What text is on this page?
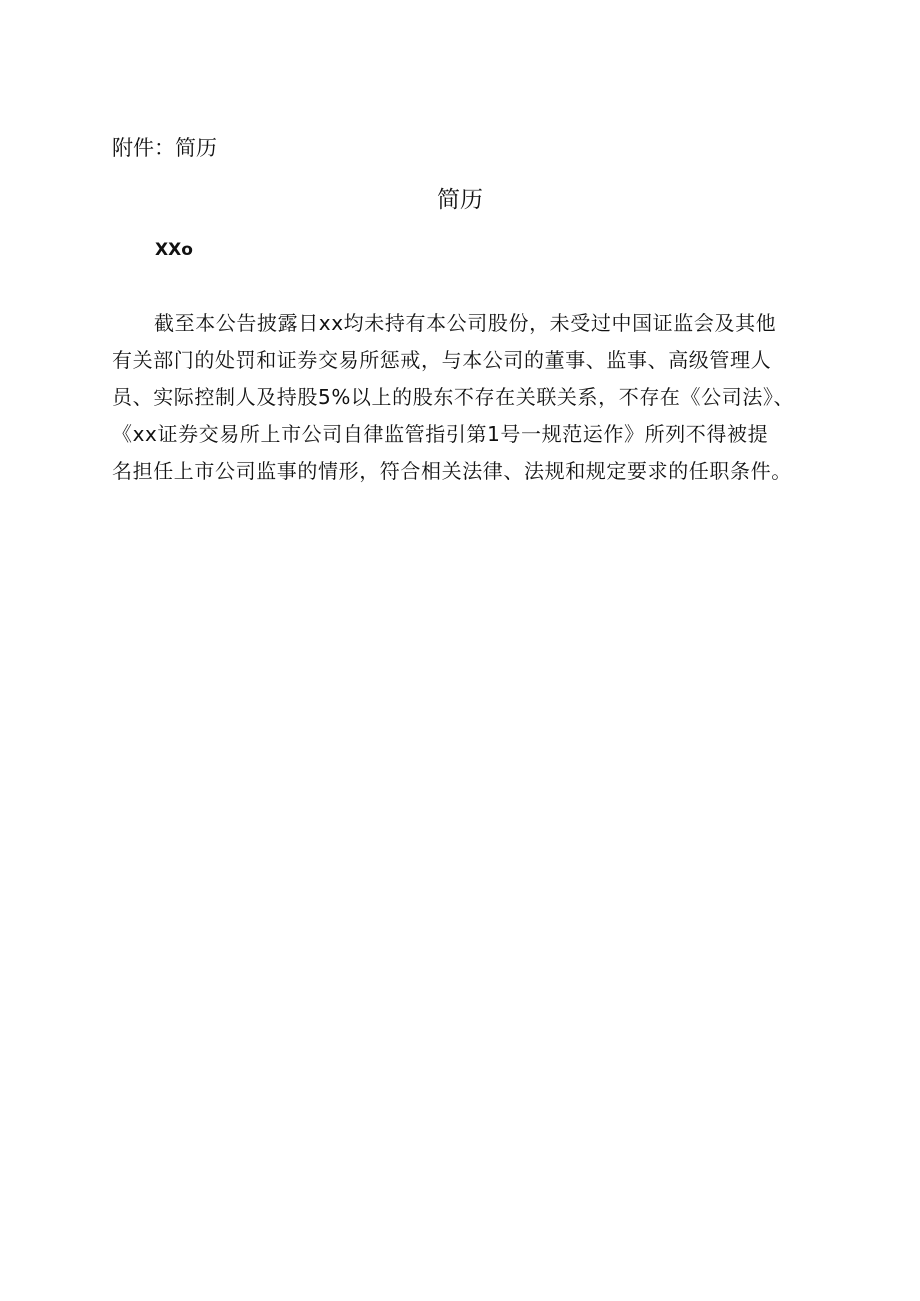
附件：简历
简历
XXo
截至本公告披露日xx均未持有本公司股份，未受过中国证监会及其他
有关部门的处罚和证券交易所惩戒，与本公司的董事、监事、高级管理人
员、实际控制人及持股5%以上的股东不存在关联关系，不存在《公司法》、
《xx证券交易所上市公司自律监管指引第1号一规范运作》所列不得被提
名担任上市公司监事的情形，符合相关法律、法规和规定要求的任职条件。
